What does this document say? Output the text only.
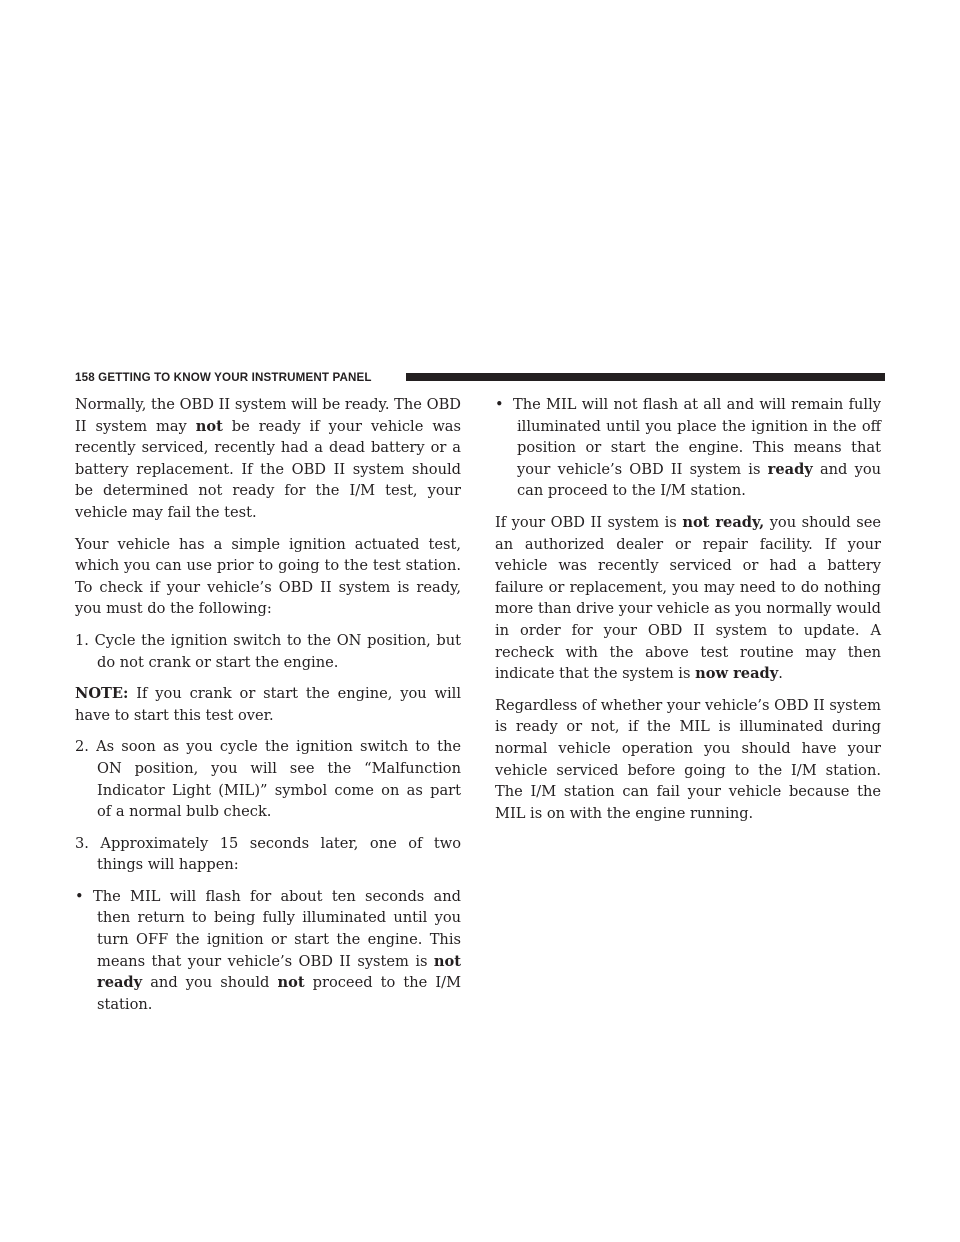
158 GETTING TO KNOW YOUR INSTRUMENT PANEL

Normally, the OBD II system will be ready. The OBD II system may not be ready if your vehicle was recently serviced, recently had a dead battery or a battery replacement. If the OBD II system should be determined not ready for the I/M test, your vehicle may fail the test.

Your vehicle has a simple ignition actuated test, which you can use prior to going to the test station. To check if your vehicle’s OBD II system is ready, you must do the following:

1. Cycle the ignition switch to the ON position, but do not crank or start the engine.

NOTE: If you crank or start the engine, you will have to start this test over.

2. As soon as you cycle the ignition switch to the ON position, you will see the “Malfunction Indicator Light (MIL)” symbol come on as part of a normal bulb check.

3. Approximately 15 seconds later, one of two things will happen:

• The MIL will flash for about ten seconds and then return to being fully illuminated until you turn OFF the ignition or start the engine. This means that your vehicle’s OBD II system is not ready and you should not proceed to the I/M station.

• The MIL will not flash at all and will remain fully illuminated until you place the ignition in the off position or start the engine. This means that your vehicle’s OBD II system is ready and you can proceed to the I/M station.

If your OBD II system is not ready, you should see an authorized dealer or repair facility. If your vehicle was recently serviced or had a battery failure or replacement, you may need to do nothing more than drive your vehicle as you normally would in order for your OBD II system to update. A recheck with the above test routine may then indicate that the system is now ready.

Regardless of whether your vehicle’s OBD II system is ready or not, if the MIL is illuminated during normal vehicle operation you should have your vehicle serviced before going to the I/M station. The I/M station can fail your vehicle because the MIL is on with the engine running.
